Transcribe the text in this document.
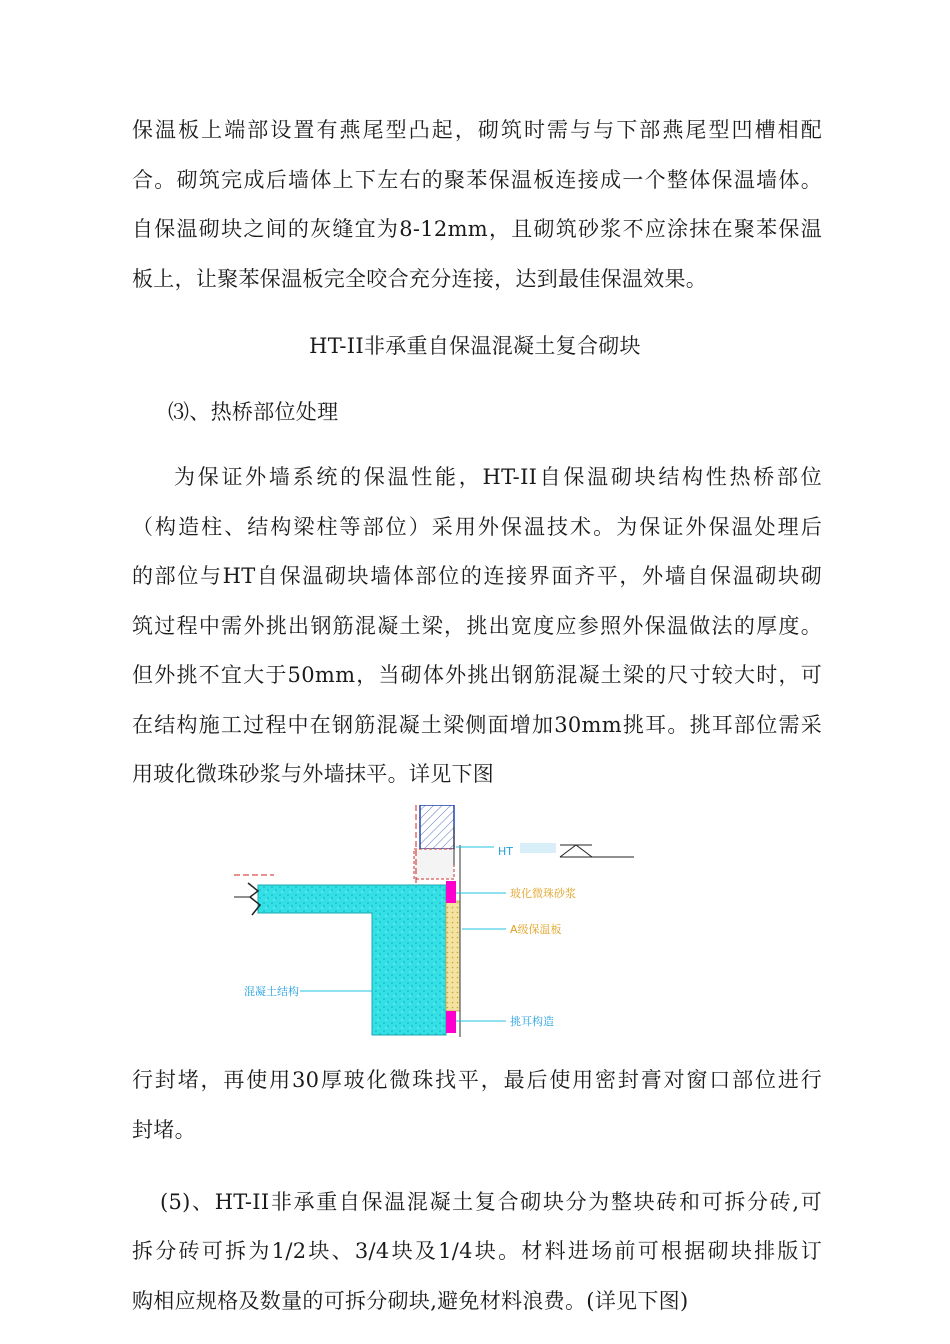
保温板上端部设置有燕尾型凸起，砌筑时需与与下部燕尾型凹槽相配
合。砌筑完成后墙体上下左右的聚苯保温板连接成一个整体保温墙体。
自保温砌块之间的灰缝宜为8-12mm，且砌筑砂浆不应涂抹在聚苯保温
板上，让聚苯保温板完全咬合充分连接，达到最佳保温效果。
HT-II非承重自保温混凝土复合砌块
⑶、热桥部位处理
为保证外墙系统的保温性能，HT-II自保温砌块结构性热桥部位
（构造柱、结构梁柱等部位）采用外保温技术。为保证外保温处理后
的部位与HT自保温砌块墙体部位的连接界面齐平，外墙自保温砌块砌
筑过程中需外挑出钢筋混凝土梁，挑出宽度应参照外保温做法的厚度。
但外挑不宜大于50mm，当砌体外挑出钢筋混凝土梁的尺寸较大时，可
在结构施工过程中在钢筋混凝土梁侧面增加30mm挑耳。挑耳部位需采
用玻化微珠砂浆与外墙抹平。详见下图
HT
玻化微珠砂浆
A级保温板
混凝土结构
挑耳构造
行封堵，再使用30厚玻化微珠找平，最后使用密封膏对窗口部位进行
封堵。
(5)、HT-II非承重自保温混凝土复合砌块分为整块砖和可拆分砖,可
拆分砖可拆为1/2块、3/4块及1/4块。材料进场前可根据砌块排版订
购相应规格及数量的可拆分砌块,避免材料浪费。(详见下图)
